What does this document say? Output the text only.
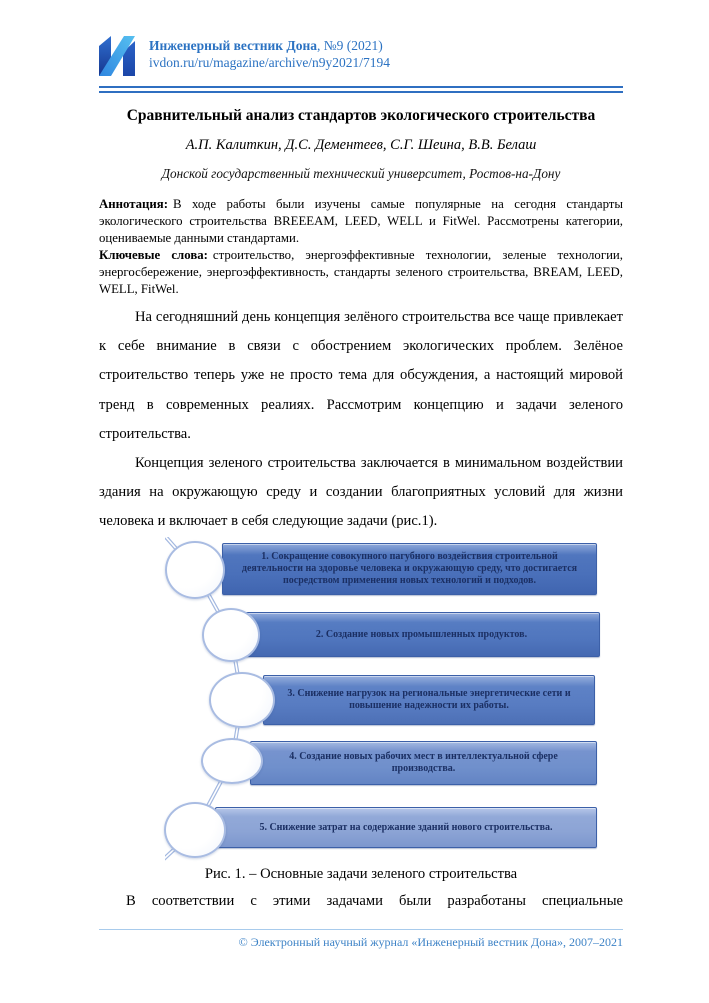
Инженерный вестник Дона, №9 (2021)
ivdon.ru/ru/magazine/archive/n9y2021/7194
Сравнительный анализ стандартов экологического строительства
А.П. Калиткин, Д.С. Дементеев, С.Г. Шеина, В.В. Белаш
Донской государственный технический университет, Ростов-на-Дону

Аннотация: В ходе работы были изучены самые популярные на сегодня стандарты экологического строительства BREEEAM, LEED, WELL и FitWel. Рассмотрены категории, оцениваемые данными стандартами.

Ключевые слова: строительство, энергоэффективные технологии, зеленые технологии, энергосбережение, энергоэффективность, стандарты зеленого строительства, BREAM, LEED, WELL, FitWel.

На сегодняшний день концепция зелёного строительства все чаще привлекает к себе внимание в связи с обострением экологических проблем. Зелёное строительство теперь уже не просто тема для обсуждения, а настоящий мировой тренд в современных реалиях. Рассмотрим концепцию и задачи зеленого строительства.

Концепция зеленого строительства заключается в минимальном воздействии здания на окружающую среду и создании благоприятных условий для жизни человека и включает в себя следующие задачи (рис.1).

1. Сокращение совокупного пагубного воздействия строительной деятельности на здоровье человека и окружающую среду, что достигается посредством применения новых технологий и подходов.
2. Создание новых промышленных продуктов.
3. Снижение нагрузок на региональные энергетические сети и повышение надежности их работы.
4. Создание новых рабочих мест в интеллектуальной сфере производства.
5. Снижение затрат на содержание зданий нового строительства.
Рис. 1. – Основные задачи зеленого строительства
В соответствии с этими задачами были разработаны специальные
© Электронный научный журнал «Инженерный вестник Дона», 2007–2021
